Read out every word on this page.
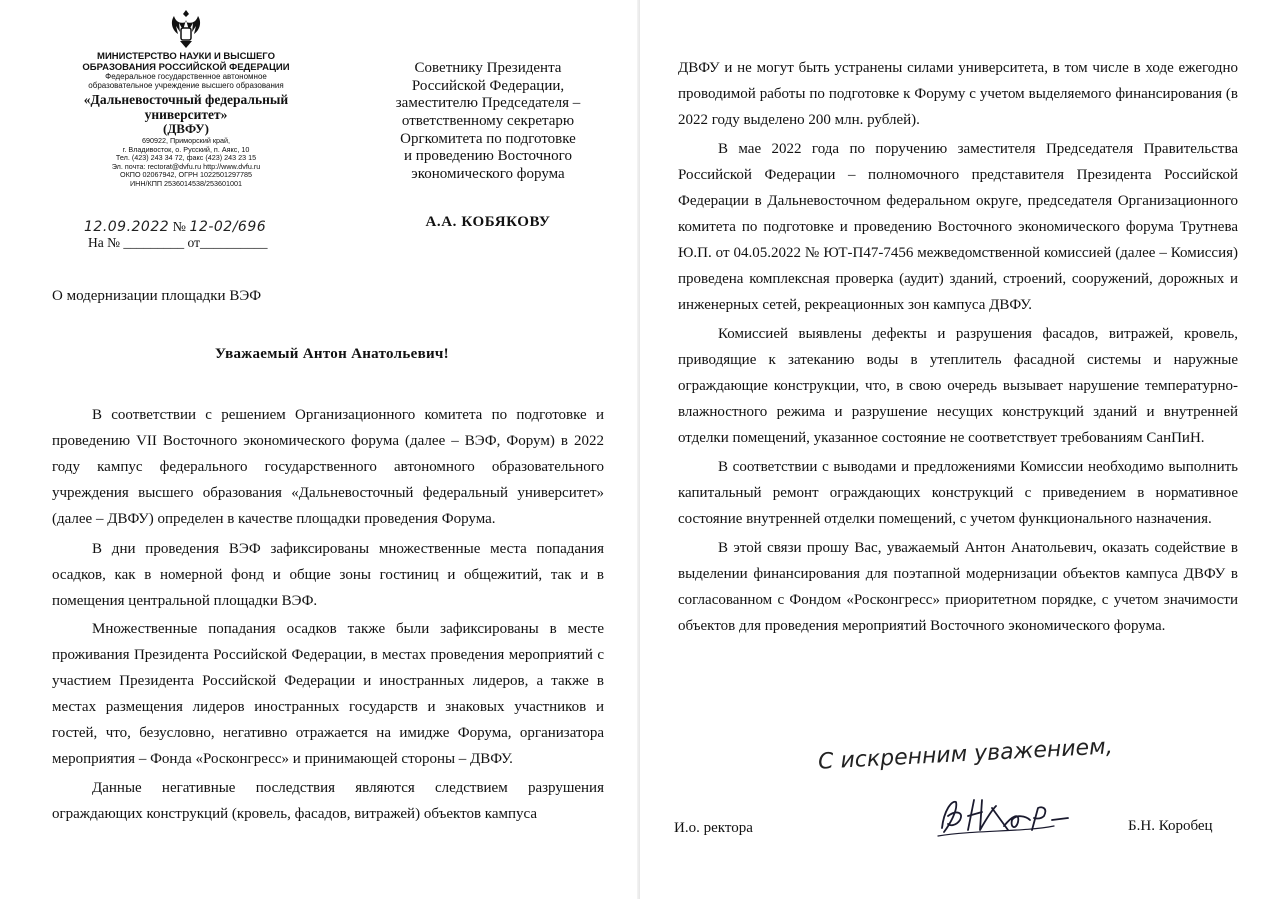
МИНИСТЕРСТВО НАУКИ И ВЫСШЕГО ОБРАЗОВАНИЯ РОССИЙСКОЙ ФЕДЕРАЦИИ
Федеральное государственное автономное образовательное учреждение высшего образования
«Дальневосточный федеральный университет»
(ДВФУ)
690922, Приморский край,
г. Владивосток, о. Русский, п. Аякс, 10
Тел. (423) 243 34 72, факс (423) 243 23 15
Эл. почта: rectorat@dvfu.ru http://www.dvfu.ru
ОКПО 02067942, ОГРН 1022501297785
ИНН/КПП 2536014538/253601001
12.09.2022 № 12-02/696
На № _________ от__________
Советнику Президента
Российской Федерации,
заместителю Председателя –
ответственному секретарю
Оргкомитета по подготовке
и проведению Восточного
экономического форума
А.А. КОБЯКОВУ
О модернизации площадки ВЭФ
Уважаемый Антон Анатольевич!

В соответствии с решением Организационного комитета по подготовке и проведению VII Восточного экономического форума (далее – ВЭФ, Форум) в 2022 году кампус федерального государственного автономного образовательного учреждения высшего образования «Дальневосточный федеральный университет» (далее – ДВФУ) определен в качестве площадки проведения Форума.

В дни проведения ВЭФ зафиксированы множественные места попадания осадков, как в номерной фонд и общие зоны гостиниц и общежитий, так и в помещения центральной площадки ВЭФ.

Множественные попадания осадков также были зафиксированы в месте проживания Президента Российской Федерации, в местах проведения мероприятий с участием Президента Российской Федерации и иностранных лидеров, а также в местах размещения лидеров иностранных государств и знаковых участников и гостей, что, безусловно, негативно отражается на имидже Форума, организатора мероприятия – Фонда «Росконгресс» и принимающей стороны – ДВФУ.

Данные негативные последствия являются следствием разрушения ограждающих конструкций (кровель, фасадов, витражей) объектов кампуса

ДВФУ и не могут быть устранены силами университета, в том числе в ходе ежегодно проводимой работы по подготовке к Форуму с учетом выделяемого финансирования (в 2022 году выделено 200 млн. рублей).

В мае 2022 года по поручению заместителя Председателя Правительства Российской Федерации – полномочного представителя Президента Российской Федерации в Дальневосточном федеральном округе, председателя Организационного комитета по подготовке и проведению Восточного экономического форума Трутнева Ю.П. от 04.05.2022 № ЮТ-П47-7456 межведомственной комиссией (далее – Комиссия) проведена комплексная проверка (аудит) зданий, строений, сооружений, дорожных и инженерных сетей, рекреационных зон кампуса ДВФУ.

Комиссией выявлены дефекты и разрушения фасадов, витражей, кровель, приводящие к затеканию воды в утеплитель фасадной системы и наружные ограждающие конструкции, что, в свою очередь вызывает нарушение температурно-влажностного режима и разрушение несущих конструкций зданий и внутренней отделки помещений, указанное состояние не соответствует требованиям СанПиН.

В соответствии с выводами и предложениями Комиссии необходимо выполнить капитальный ремонт ограждающих конструкций с приведением в нормативное состояние внутренней отделки помещений, с учетом функционального назначения.

В этой связи прошу Вас, уважаемый Антон Анатольевич, оказать содействие в выделении финансирования для поэтапной модернизации объектов кампуса ДВФУ в согласованном с Фондом «Росконгресс» приоритетном порядке, с учетом значимости объектов для проведения мероприятий Восточного экономического форума.

С искренним уважением,
И.о. ректора	Б.Н. Коробец
